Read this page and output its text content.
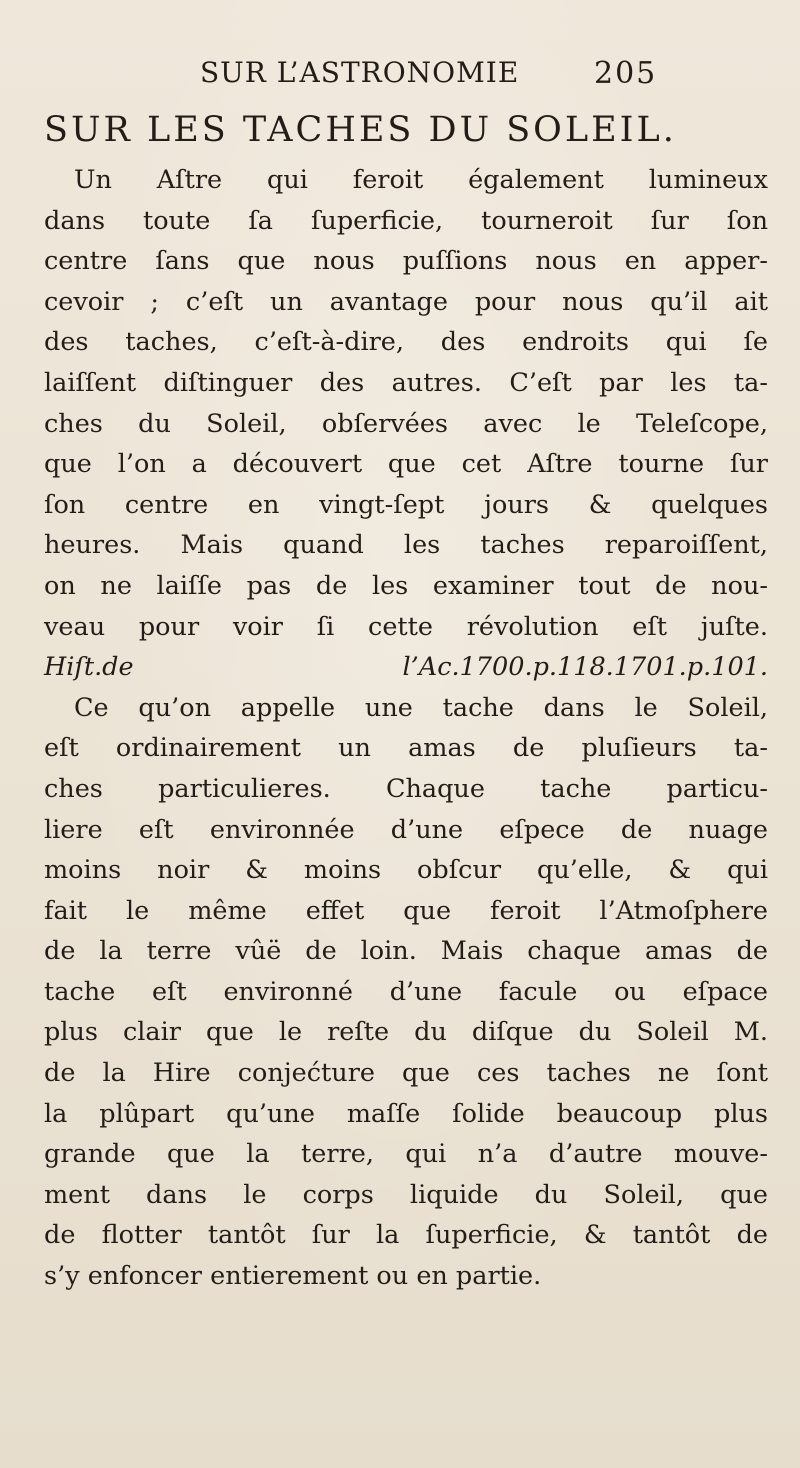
SUR L’ASTRONOMIE 205
SUR LES TACHES DU SOLEIL.
Un Aſtre qui feroit également lumineux
dans toute ſa ſuperficie, tourneroit ſur ſon
centre ſans que nous puſſions nous en apper-
cevoir ; c’eſt un avantage pour nous qu’il ait
des taches, c’eſt-à-dire, des endroits qui ſe
laiſſent diſtinguer des autres. C’eſt par les ta-
ches du Soleil, obſervées avec le Teleſcope,
que l’on a découvert que cet Aſtre tourne ſur
ſon centre en vingt-ſept jours & quelques
heures. Mais quand les taches reparoiſſent,
on ne laiſſe pas de les examiner tout de nou-
veau pour voir ſi cette révolution eſt juſte.
Hiſt.de l’Ac.1700.p.118.1701.p.101.
Ce qu’on appelle une tache dans le Soleil,
eſt ordinairement un amas de pluſieurs ta-
ches particulieres. Chaque tache particu-
liere eſt environnée d’une eſpece de nuage
moins noir & moins obſcur qu’elle, & qui
fait le même effet que feroit l’Atmoſphere
de la terre vûë de loin. Mais chaque amas de
tache eſt environné d’une facule ou eſpace
plus clair que le reſte du diſque du Soleil M.
de la Hire conjećture que ces taches ne ſont
la plûpart qu’une maſſe ſolide beaucoup plus
grande que la terre, qui n’a d’autre mouve-
ment dans le corps liquide du Soleil, que
de flotter tantôt ſur la ſuperficie, & tantôt de
s’y enfoncer entierement ou en partie.
